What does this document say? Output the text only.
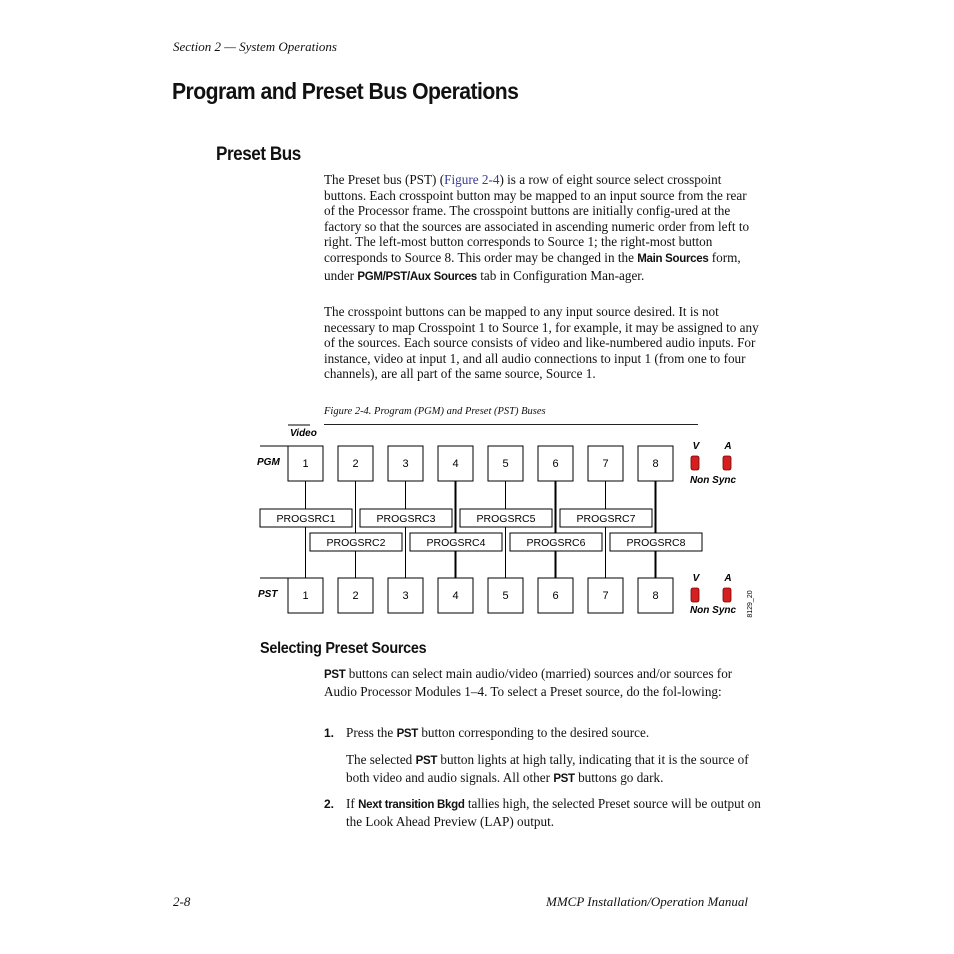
Section 2 — System Operations
Program and Preset Bus Operations
Preset Bus
The Preset bus (PST) (Figure 2-4) is a row of eight source select crosspoint buttons. Each crosspoint button may be mapped to an input source from the rear of the Processor frame. The crosspoint buttons are initially config-ured at the factory so that the sources are associated in ascending numeric order from left to right. The left-most button corresponds to Source 1; the right-most button corresponds to Source 8. This order may be changed in the Main Sources form, under PGM/PST/Aux Sources tab in Configuration Man-ager.
The crosspoint buttons can be mapped to any input source desired. It is not necessary to map Crosspoint 1 to Source 1, for example, it may be assigned to any of the sources. Each source consists of video and like-numbered audio inputs. For instance, video at input 1, and all audio connections to input 1 (from one to four channels), are all part of the same source, Source 1.
Figure 2-4. Program (PGM) and Preset (PST) Buses
Video
PGM
PST
PROGSRC1	PROGSRC3	PROGSRC5	PROGSRC7
PROGSRC2	PROGSRC4	PROGSRC6	PROGSRC8
1	2	3	4	5	6	7	8
1	2	3	4	5	6	7	8
V	A
Non Sync
V	A
Non Sync 8129_20
Selecting Preset Sources
PST buttons can select main audio/video (married) sources and/or sources for Audio Processor Modules 1–4. To select a Preset source, do the fol-lowing:
1. Press the PST button corresponding to the desired source.
The selected PST button lights at high tally, indicating that it is the source of both video and audio signals. All other PST buttons go dark.
2. If Next transition Bkgd tallies high, the selected Preset source will be output on the Look Ahead Preview (LAP) output.
2-8	MMCP Installation/Operation Manual
